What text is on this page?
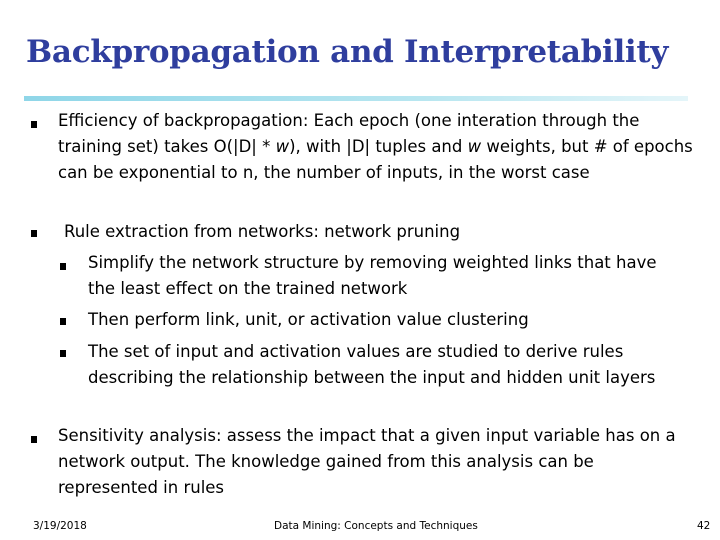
Backpropagation and Interpretability

Efficiency of backpropagation: Each epoch (one interation through the training set) takes O(|D| * w), with |D| tuples and w weights, but # of epochs can be exponential to n, the number of inputs, in the worst case

Rule extraction from networks: network pruning

Simplify the network structure by removing weighted links that have the least effect on the trained network

Then perform link, unit, or activation value clustering

The set of input and activation values are studied to derive rules describing the relationship between the input and hidden unit layers

Sensitivity analysis: assess the impact that a given input variable has on a network output. The knowledge gained from this analysis can be represented in rules

3/19/2018	Data Mining: Concepts and Techniques	42
